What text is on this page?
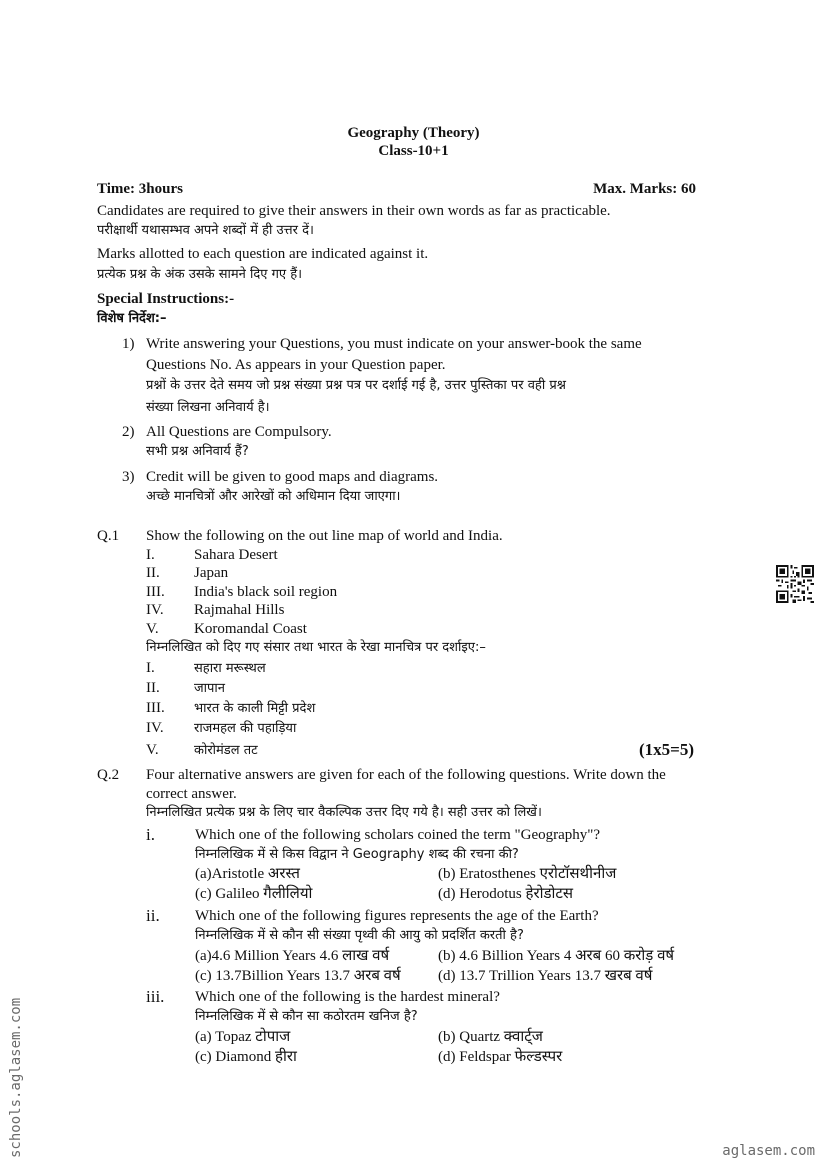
Geography (Theory)
Class-10+1
Time: 3hours	Max. Marks: 60
Candidates are required to give their answers in their own words as far as practicable.
परीक्षार्थी यथासम्भव अपने शब्दों में ही उत्तर दें।
Marks allotted to each question are indicated against it.
प्रत्येक प्रश्न के अंक उसके सामने दिए गए हैं।
Special Instructions:-
विशेष निर्देश:–
1) Write answering your Questions, you must indicate on your answer-book the same
Questions No. As appears in your Question paper.
प्रश्नों के उत्तर देते समय जो प्रश्न संख्या प्रश्न पत्र पर दर्शाई गई है, उत्तर पुस्तिका पर वही प्रश्न
संख्या लिखना अनिवार्य है।
2) All Questions are Compulsory.
सभी प्रश्न अनिवार्य हैं?
3) Credit will be given to good maps and diagrams.
अच्छे मानचित्रों और आरेखों को अधिमान दिया जाएगा।
Q.1 Show the following on the out line map of world and India.
I.	Sahara Desert
II. Japan
III. India's black soil region
IV. Rajmahal Hills
V. Koromandal Coast
निम्नलिखित को दिए गए संसार तथा भारत के रेखा मानचित्र पर दर्शाइए:–
I.	सहारा मरूस्थल
II.	जापान
III. भारत के काली मिट्टी प्रदेश
IV. राजमहल की पहाड़िया
V.	कोरोमंडल तट	(1x5=5)
Q.2 Four alternative answers are given for each of the following questions. Write down the
correct answer.
निम्नलिखित प्रत्येक प्रश्न के लिए चार वैकल्पिक उत्तर दिए गये है। सही उत्तर को लिखें।
i.	Which one of the following scholars coined the term "Geography"?
निम्नलिखिक में से किस विद्वान ने Geography शब्द की रचना की?
(a)Aristotle अरस्त	(b) Eratosthenes एरोटॉसथीनीज
(c) Galileo गैलीलियो	(d) Herodotus हेरोडोटस
ii. Which one of the following figures represents the age of the Earth?
निम्नलिखिक में से कौन सी संख्या पृथ्वी की आयु को प्रदर्शित करती है?
(a)4.6 Million Years 4.6 लाख वर्ष	(b) 4.6 Billion Years 4 अरब 60 करोड़ वर्ष
(c) 13.7Billion Years 13.7 अरब वर्ष (d) 13.7 Trillion Years 13.7 खरब वर्ष
iii. Which one of the following is the hardest mineral?
निम्नलिखिक में से कौन सा कठोरतम खनिज है?
(a) Topaz टोपाज	(b) Quartz क्वार्ट्ज
(c) Diamond हीरा	(d) Feldspar फेल्डस्पर
schools.aglasem.com	aglasem.com
